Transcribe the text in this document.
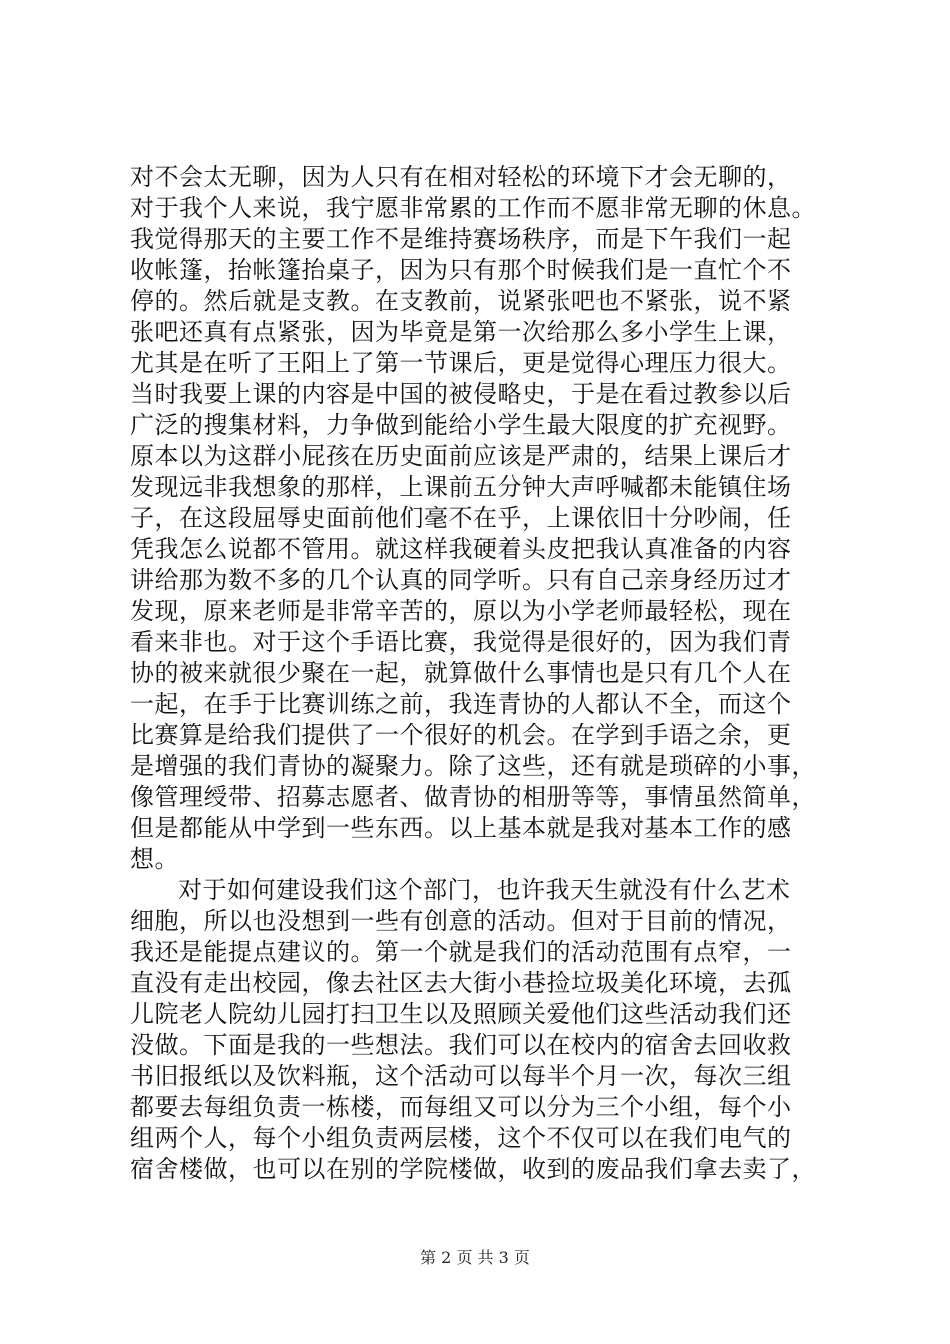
对不会太无聊，因为人只有在相对轻松的环境下才会无聊的，
对于我个人来说，我宁愿非常累的工作而不愿非常无聊的休息。
我觉得那天的主要工作不是维持赛场秩序，而是下午我们一起
收帐篷，抬帐篷抬桌子，因为只有那个时候我们是一直忙个不
停的。然后就是支教。在支教前，说紧张吧也不紧张，说不紧
张吧还真有点紧张，因为毕竟是第一次给那么多小学生上课，
尤其是在听了王阳上了第一节课后，更是觉得心理压力很大。
当时我要上课的内容是中国的被侵略史，于是在看过教参以后
广泛的搜集材料，力争做到能给小学生最大限度的扩充视野。
原本以为这群小屁孩在历史面前应该是严肃的，结果上课后才
发现远非我想象的那样，上课前五分钟大声呼喊都未能镇住场
子，在这段屈辱史面前他们毫不在乎，上课依旧十分吵闹，任
凭我怎么说都不管用。就这样我硬着头皮把我认真准备的内容
讲给那为数不多的几个认真的同学听。只有自己亲身经历过才
发现，原来老师是非常辛苦的，原以为小学老师最轻松，现在
看来非也。对于这个手语比赛，我觉得是很好的，因为我们青
协的被来就很少聚在一起，就算做什么事情也是只有几个人在
一起，在手于比赛训练之前，我连青协的人都认不全，而这个
比赛算是给我们提供了一个很好的机会。在学到手语之余，更
是增强的我们青协的凝聚力。除了这些，还有就是琐碎的小事，
像管理绶带、招募志愿者、做青协的相册等等，事情虽然简单，
但是都能从中学到一些东西。以上基本就是我对基本工作的感
想。
对于如何建设我们这个部门，也许我天生就没有什么艺术
细胞，所以也没想到一些有创意的活动。但对于目前的情况，
我还是能提点建议的。第一个就是我们的活动范围有点窄，一
直没有走出校园，像去社区去大街小巷捡垃圾美化环境，去孤
儿院老人院幼儿园打扫卫生以及照顾关爱他们这些活动我们还
没做。下面是我的一些想法。我们可以在校内的宿舍去回收救
书旧报纸以及饮料瓶，这个活动可以每半个月一次，每次三组
都要去每组负责一栋楼，而每组又可以分为三个小组，每个小
组两个人，每个小组负责两层楼，这个不仅可以在我们电气的
宿舍楼做，也可以在别的学院楼做，收到的废品我们拿去卖了，
第 2 页 共 3 页
